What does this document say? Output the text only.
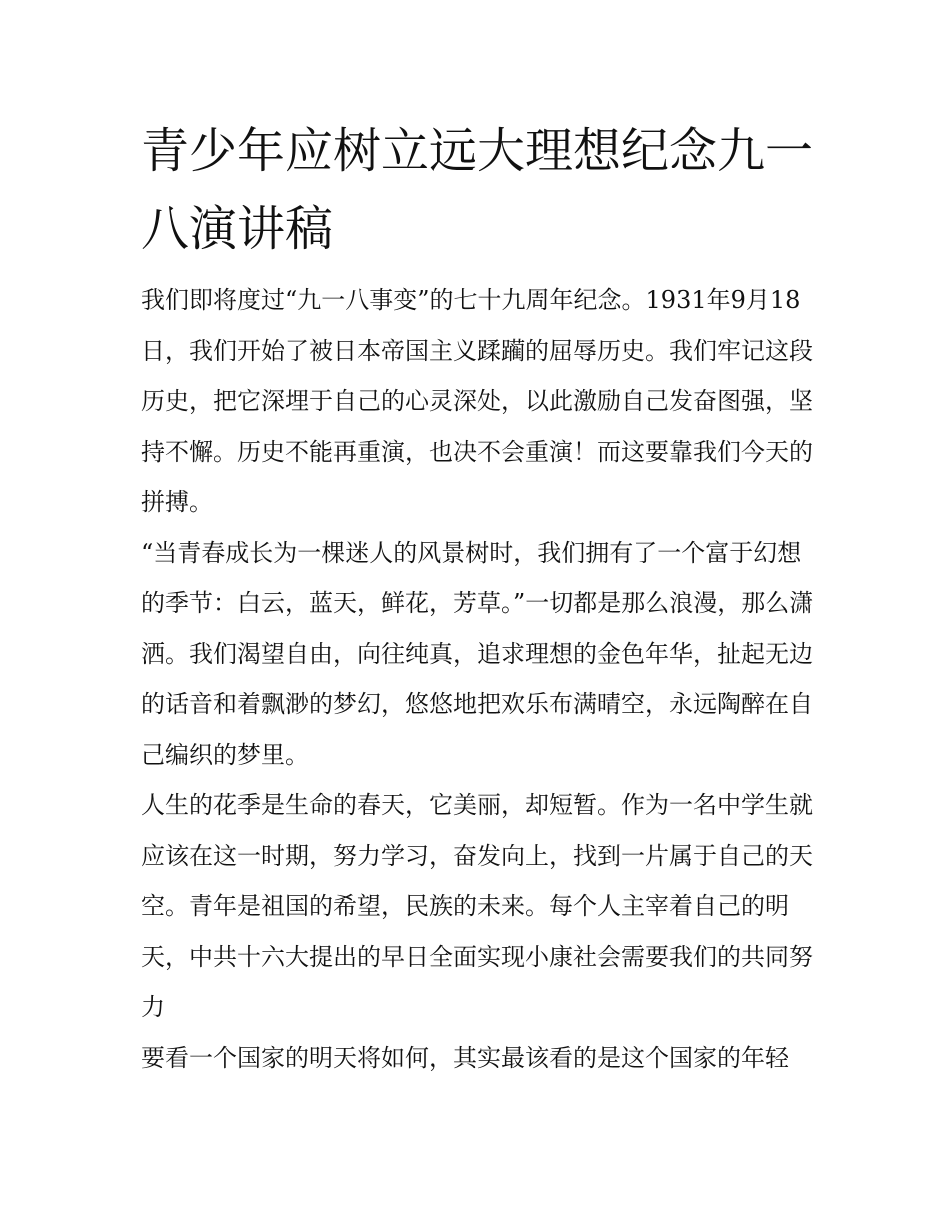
青少年应树立远大理想纪念九一八演讲稿

我们即将度过“九一八事变”的七十九周年纪念。1931年9月18日，我们开始了被日本帝国主义蹂躏的屈辱历史。我们牢记这段历史，把它深埋于自己的心灵深处，以此激励自己发奋图强，坚持不懈。历史不能再重演，也决不会重演！而这要靠我们今天的拼搏。

“当青春成长为一棵迷人的风景树时，我们拥有了一个富于幻想的季节：白云，蓝天，鲜花，芳草。”一切都是那么浪漫，那么潇洒。我们渴望自由，向往纯真，追求理想的金色年华，扯起无边的话音和着飘渺的梦幻，悠悠地把欢乐布满晴空，永远陶醉在自己编织的梦里。

人生的花季是生命的春天，它美丽，却短暂。作为一名中学生就应该在这一时期，努力学习，奋发向上，找到一片属于自己的天空。青年是祖国的希望，民族的未来。每个人主宰着自己的明天，中共十六大提出的早日全面实现小康社会需要我们的共同努力

要看一个国家的明天将如何，其实最该看的是这个国家的年轻
